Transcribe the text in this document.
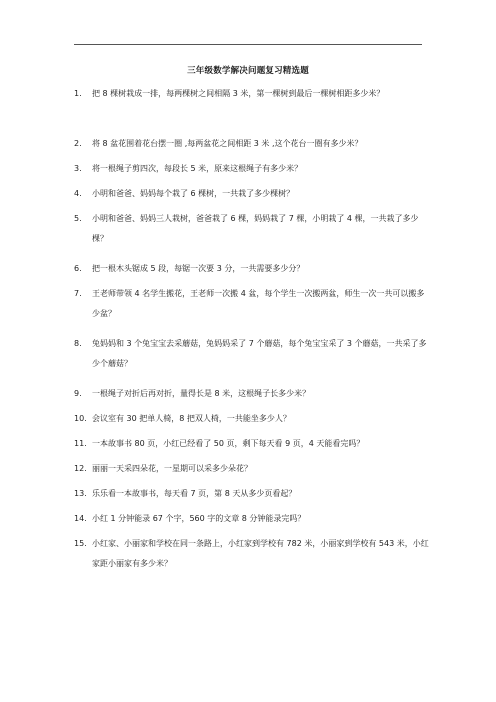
三年级数学解决问题复习精选题
1. 把 8 棵树栽成一排，每两棵树之间相隔 3 米，第一棵树到最后一棵树相距多少米？
2. 将 8 盆花围着花台摆一圈 ,每两盆花之间相距 3 米 ,这个花台一圈有多少米？
3. 将一根绳子剪四次，每段长 5 米，原来这根绳子有多少米？
4. 小明和爸爸、妈妈每个栽了 6 棵树，一共栽了多少棵树？
5. 小明和爸爸、妈妈三人栽树，爸爸栽了 6 棵，妈妈栽了 7 棵，小明栽了 4 棵，一共栽了多少棵？
6. 把一根木头锯成 5 段，每锯一次要 3 分，一共需要多少分？
7. 王老师带领 4 名学生搬花，王老师一次搬 4 盆，每个学生一次搬两盆，师生一次一共可以搬多少盆？
8. 兔妈妈和 3 个兔宝宝去采蘑菇，兔妈妈采了 7 个蘑菇，每个兔宝宝采了 3 个蘑菇，一共采了多少个蘑菇？
9. 一根绳子对折后再对折，量得长是 8 米，这根绳子长多少米？
10. 会议室有 30 把单人椅，8 把双人椅，一共能坐多少人？
11. 一本故事书 80 页，小红已经看了 50 页，剩下每天看 9 页，4 天能看完吗？
12. 丽丽一天采四朵花，一星期可以采多少朵花？
13. 乐乐看一本故事书，每天看 7 页，第 8 天从多少页看起？
14. 小红 1 分钟能录 67 个字，560 字的文章 8 分钟能录完吗？
15. 小红家、小丽家和学校在同一条路上，小红家到学校有 782 米，小丽家到学校有 543 米，小红家距小丽家有多少米？
